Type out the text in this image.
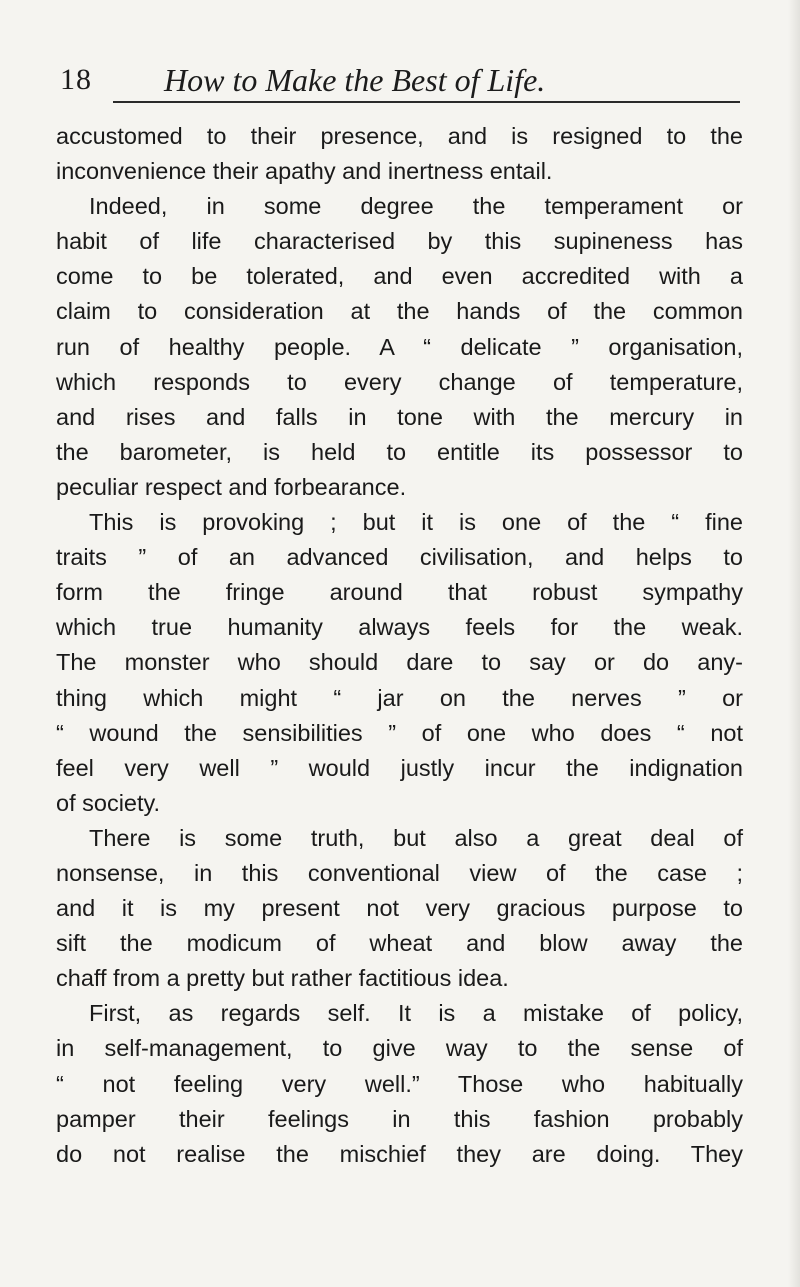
18 How to Make the Best of Life.
accustomed to their presence, and is resigned to the
inconvenience their apathy and inertness entail.
Indeed, in some degree the temperament or
habit of life characterised by this supineness has
come to be tolerated, and even accredited with a
claim to consideration at the hands of the common
run of healthy people. A “ delicate ” organisation,
which responds to every change of temperature,
and rises and falls in tone with the mercury in
the barometer, is held to entitle its possessor to
peculiar respect and forbearance.
This is provoking ; but it is one of the “ fine
traits ” of an advanced civilisation, and helps to
form the fringe around that robust sympathy
which true humanity always feels for the weak.
The monster who should dare to say or do any-
thing which might “ jar on the nerves ” or
“ wound the sensibilities ” of one who does “ not
feel very well ” would justly incur the indignation
of society.
There is some truth, but also a great deal of
nonsense, in this conventional view of the case ;
and it is my present not very gracious purpose to
sift the modicum of wheat and blow away the
chaff from a pretty but rather factitious idea.
First, as regards self. It is a mistake of policy,
in self-management, to give way to the sense of
“ not feeling very well.” Those who habitually
pamper their feelings in this fashion probably
do not realise the mischief they are doing. They
